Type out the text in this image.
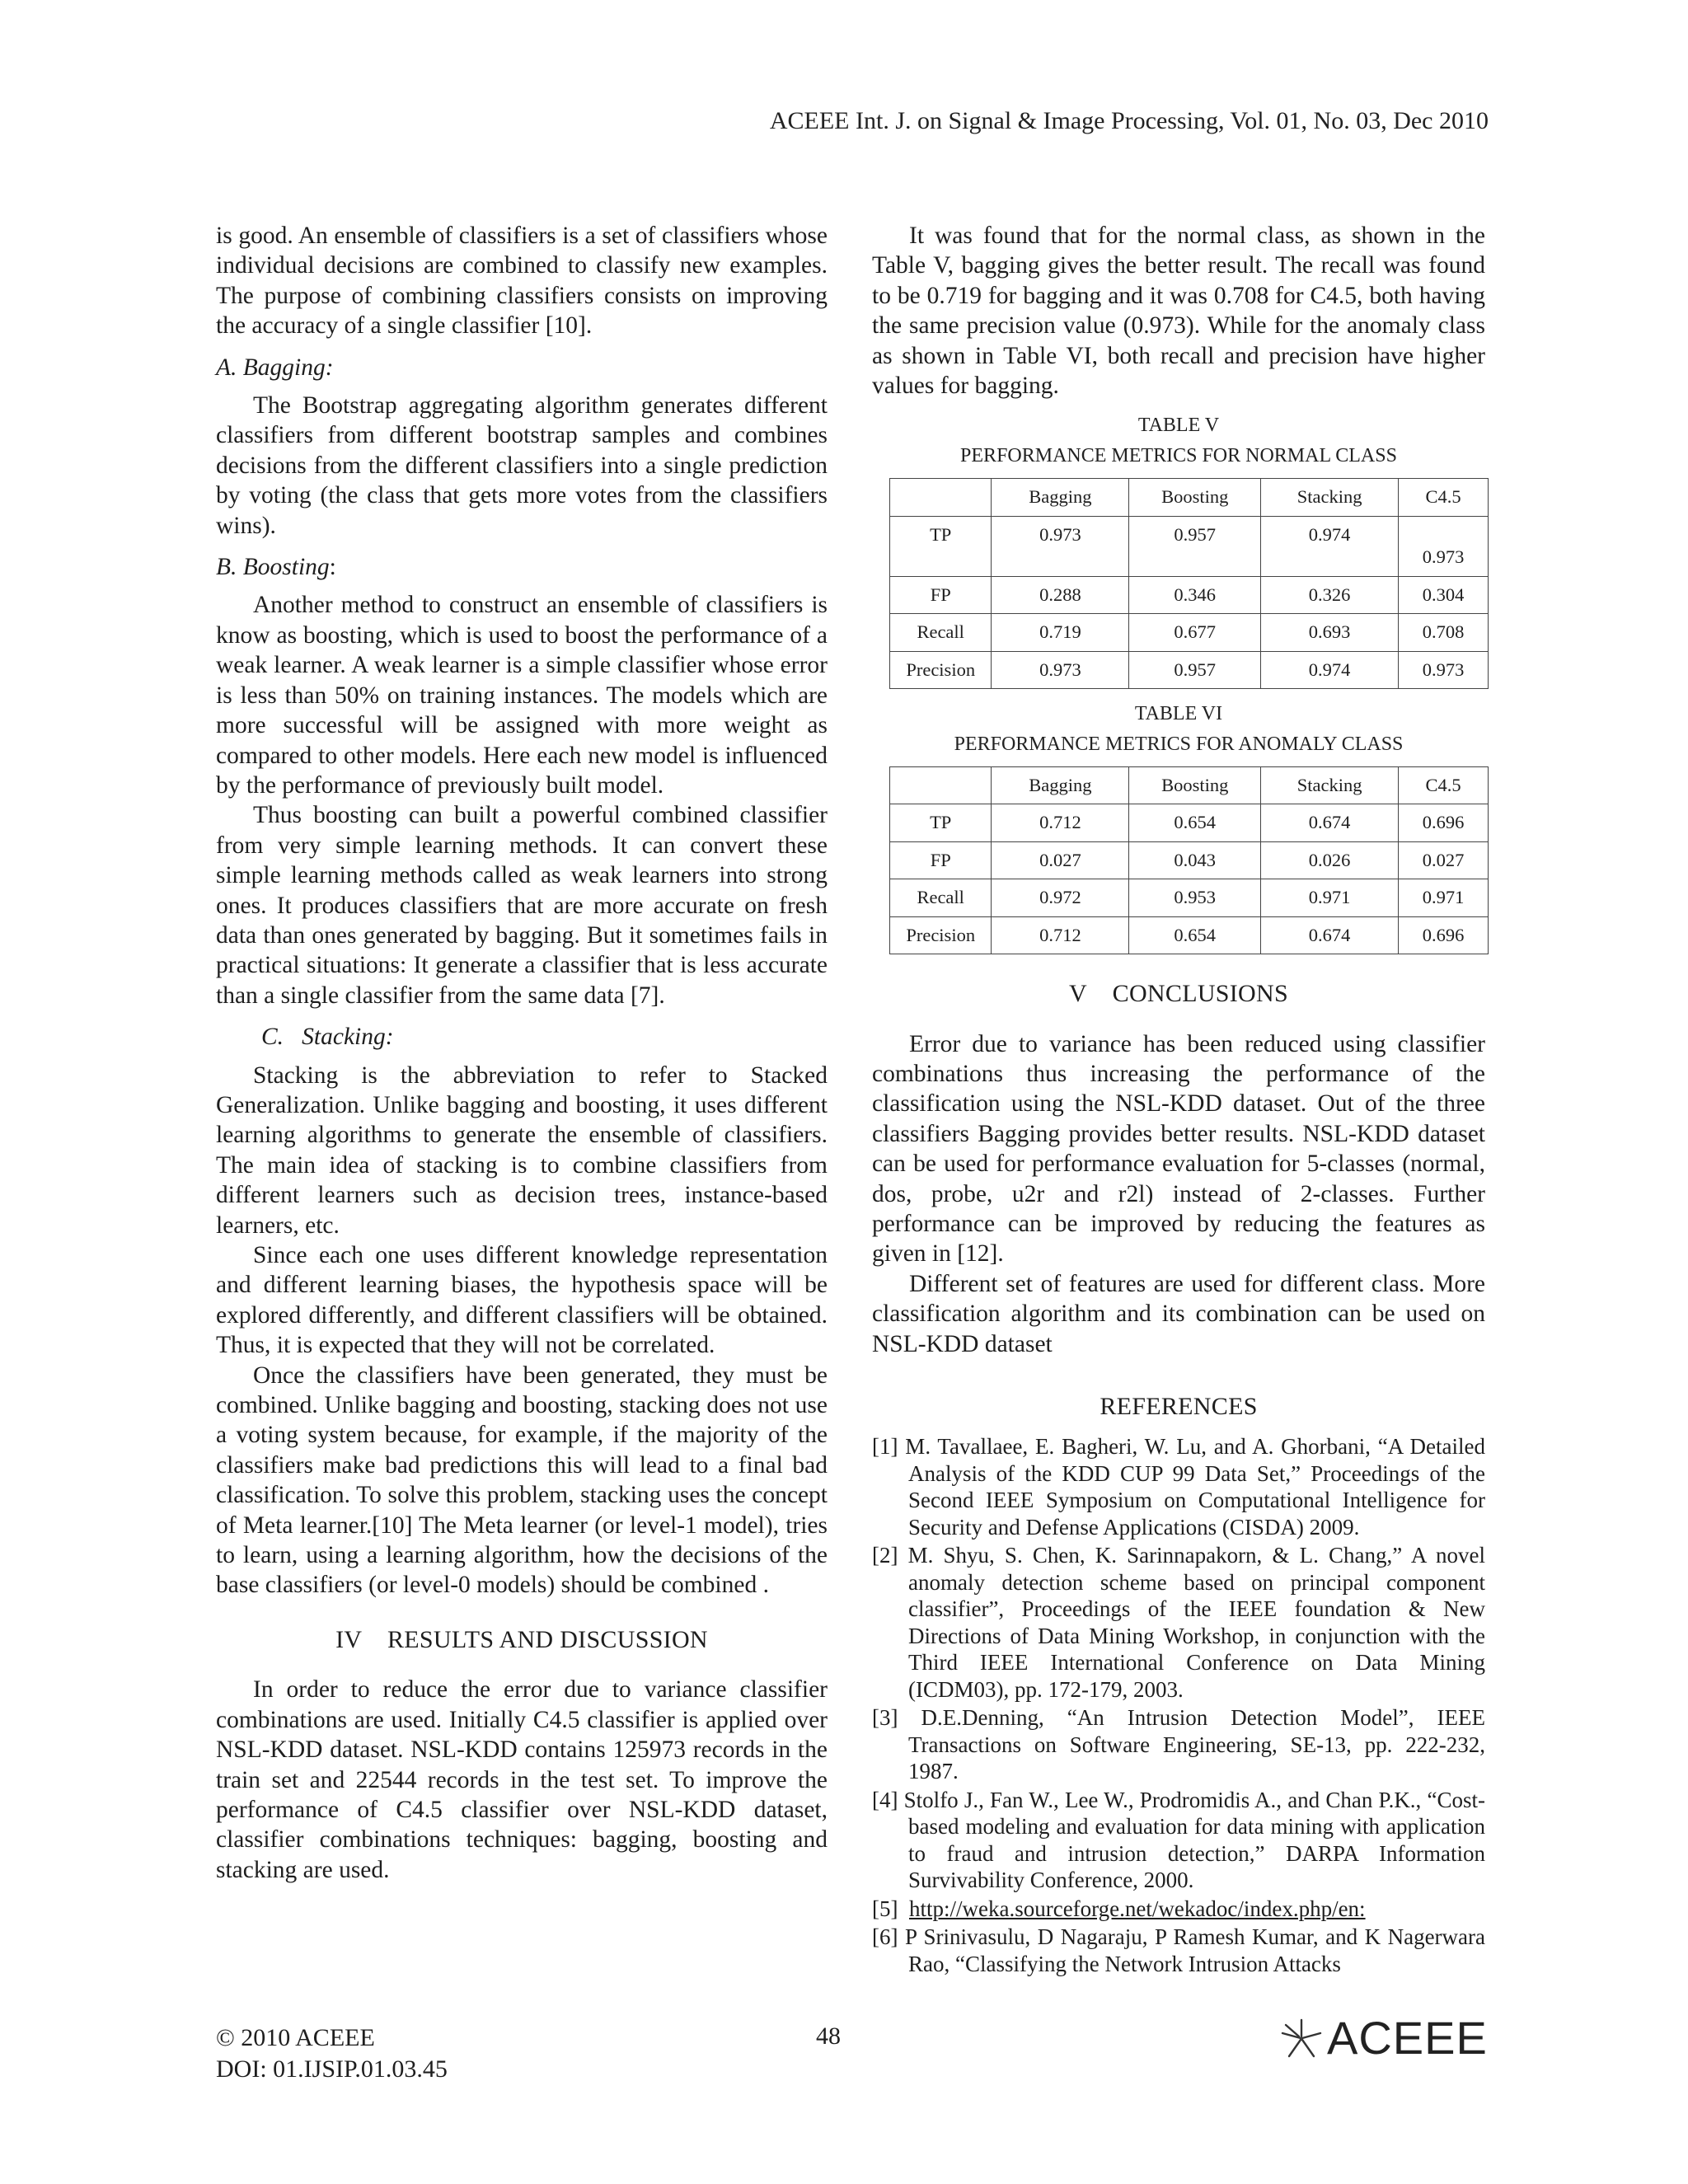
ACEEE Int. J. on Signal & Image Processing, Vol. 01, No. 03, Dec 2010

is good. An ensemble of classifiers is a set of classifiers whose individual decisions are combined to classify new examples. The purpose of combining classifiers consists on improving the accuracy of a single classifier [10].

A. Bagging:

The Bootstrap aggregating algorithm generates different classifiers from different bootstrap samples and combines decisions from the different classifiers into a single prediction by voting (the class that gets more votes from the classifiers wins).

B. Boosting:

Another method to construct an ensemble of classifiers is know as boosting, which is used to boost the performance of a weak learner. A weak learner is a simple classifier whose error is less than 50% on training instances. The models which are more successful will be assigned with more weight as compared to other models. Here each new model is influenced by the performance of previously built model.

Thus boosting can built a powerful combined classifier from very simple learning methods. It can convert these simple learning methods called as weak learners into strong ones. It produces classifiers that are more accurate on fresh data than ones generated by bagging. But it sometimes fails in practical situations: It generate a classifier that is less accurate than a single classifier from the same data [7].

C.   Stacking:

Stacking is the abbreviation to refer to Stacked Generalization. Unlike bagging and boosting, it uses different learning algorithms to generate the ensemble of classifiers. The main idea of stacking is to combine classifiers from different learners such as decision trees, instance-based learners, etc.

Since each one uses different knowledge representation and different learning biases, the hypothesis space will be explored differently, and different classifiers will be obtained. Thus, it is expected that they will not be correlated.

Once the classifiers have been generated, they must be combined. Unlike bagging and boosting, stacking does not use a voting system because, for example, if the majority of the classifiers make bad predictions this will lead to a final bad classification. To solve this problem, stacking uses the concept of Meta learner.[10] The Meta learner (or level-1 model), tries to learn, using a learning algorithm, how the decisions of the base classifiers (or level-0 models) should be combined .

IV    RESULTS AND DISCUSSION

In order to reduce the error due to variance classifier combinations are used. Initially C4.5 classifier is applied over NSL-KDD dataset. NSL-KDD contains 125973 records in the train set and 22544 records in the test set. To improve the performance of C4.5 classifier over NSL-KDD dataset, classifier combinations techniques: bagging, boosting and stacking are used.

It was found that for the normal class, as shown in the Table V, bagging gives the better result. The recall was found to be 0.719 for bagging and it was 0.708 for C4.5, both having the same precision value (0.973). While for the anomaly class as shown in Table VI, both recall and precision have higher values for bagging.

TABLE V
PERFORMANCE METRICS FOR NORMAL CLASS
	Bagging	Boosting	Stacking	C4.5
TP	0.973	0.957	0.974	0.973
FP	0.288	0.346	0.326	0.304
Recall	0.719	0.677	0.693	0.708
Precision	0.973	0.957	0.974	0.973
TABLE VI
PERFORMANCE METRICS FOR ANOMALY CLASS
	Bagging	Boosting	Stacking	C4.5
TP	0.712	0.654	0.674	0.696
FP	0.027	0.043	0.026	0.027
Recall	0.972	0.953	0.971	0.971
Precision	0.712	0.654	0.674	0.696

V    CONCLUSIONS

Error due to variance has been reduced using classifier combinations thus increasing the performance of the classification using the NSL-KDD dataset. Out of the three classifiers Bagging provides better results. NSL-KDD dataset can be used for performance evaluation for 5-classes (normal, dos, probe, u2r and r2l) instead of 2-classes. Further performance can be improved by reducing the features as given in [12].

Different set of features are used for different class. More classification algorithm and its combination can be used on NSL-KDD dataset

REFERENCES

[1] M. Tavallaee, E. Bagheri, W. Lu, and A. Ghorbani, “A Detailed Analysis of the KDD CUP 99 Data Set,” Proceedings of the Second IEEE Symposium on Computational Intelligence for Security and Defense Applications (CISDA) 2009.

[2] M. Shyu, S. Chen, K. Sarinnapakorn, & L. Chang,” A novel anomaly detection scheme based on principal component classifier”, Proceedings of the IEEE foundation & New Directions of Data Mining Workshop, in conjunction with the Third IEEE International Conference on Data Mining (ICDM03), pp. 172-179, 2003.

[3] D.E.Denning, “An Intrusion Detection Model”, IEEE Transactions on Software Engineering, SE-13, pp. 222-232, 1987.

[4] Stolfo J., Fan W., Lee W., Prodromidis A., and Chan P.K., “Cost-based modeling and evaluation for data mining with application to fraud and intrusion detection,” DARPA Information Survivability Conference, 2000.

[5]  http://weka.sourceforge.net/wekadoc/index.php/en:

[6] P Srinivasulu, D Nagaraju, P Ramesh Kumar, and K Nagerwara Rao, “Classifying the Network Intrusion Attacks

© 2010 ACEEE
DOI: 01.IJSIP.01.03.45
48	ACEEE
